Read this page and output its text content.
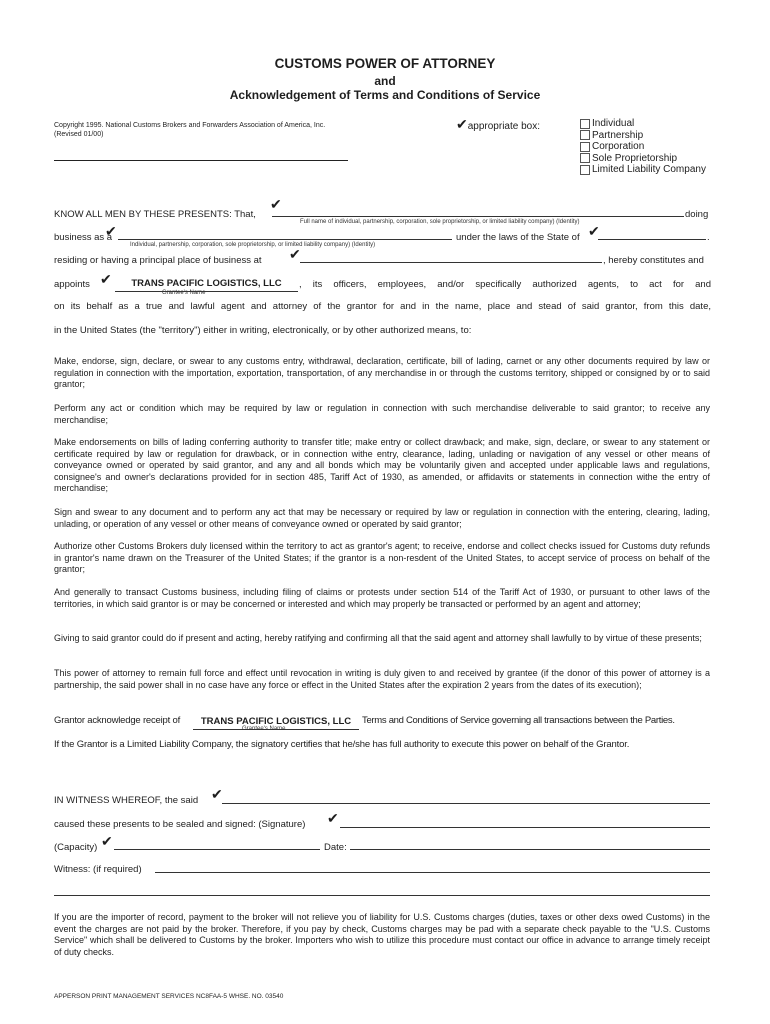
CUSTOMS POWER OF ATTORNEY
and
Acknowledgement of Terms and Conditions of Service
Copyright 1995. National Customs Brokers and Forwarders Association of America, Inc.
(Revised 01/00)
✔appropriate box:	Individual
Partnership
Corporation
Sole Proprietorship
Limited Liability Company
KNOW ALL MEN BY THESE PRESENTS: That,
✔
doing
Full name of individual, partnership, corporation, sole proprietorship, or limited liability company) (Identity)
business as a
✔
Individual, partnership, corporation, sole proprietorship, or limited liability company) (Identity)
under the laws of the State of ✔	.
residing or having a principal place of business at ✔	, hereby constitutes and
appoints ✔	TRANS PACIFIC LOGISTICS, LLC
Grantee's Name
, its officers, employees, and/or specifically authorized agents, to act for and
on its behalf as a true and lawful agent and attorney of the grantor for and in the name, place and stead of said grantor, from this date,
in the United States (the "territory") either in writing, electronically, or by other authorized means, to:
Make, endorse, sign, declare, or swear to any customs entry, withdrawal, declaration, certificate, bill of lading, carnet or any other documents required by law or regulation in connection with the importation, exportation, transportation, of any merchandise in or through the customs territory, shipped or consigned by or to said grantor;
Perform any act or condition which may be required by law or regulation in connection with such merchandise deliverable to said grantor; to receive any merchandise;
Make endorsements on bills of lading conferring authority to transfer title; make entry or collect drawback; and make, sign, declare, or swear to any statement or certificate required by law or regulation for drawback, or in connection withe entry, clearance, lading, unlading or navigation of any vessel or other means of conveyance owned or operated by said grantor, and any and all bonds which may be voluntarily given and accepted under applicable laws and regulations, consignee's and owner's declarations provided for in section 485, Tariff Act of 1930, as amended, or affidavits or statements in connection withe the entry of merchandise;
Sign and swear to any document and to perform any act that may be necessary or required by law or regulation in connection with the entering, clearing, lading, unlading, or operation of any vessel or other means of conveyance owned or operated by said grantor;
Authorize other Customs Brokers duly licensed within the territory to act as grantor's agent; to receive, endorse and collect checks issued for Customs duty refunds in grantor's name drawn on the Treasurer of the United States; if the grantor is a non-resdent of the United States, to accept service of process on behalf of the grantor;
And generally to transact Customs business, including filing of claims or protests under section 514 of the Tariff Act of 1930, or pursuant to other laws of the territories, in which said grantor is or may be concerned or interested and which may properly be transacted or performed by an agent and attorney;
Giving to said grantor could do if present and acting, hereby ratifying and confirming all that the said agent and attorney shall lawfully to by virtue of these presents;
This power of attorney to remain full force and effect until revocation in writing is duly given to and received by grantee (if the donor of this power of attorney is a partnership, the said power shall in no case have any force or effect in the United States after the expiration 2 years from the dates of its execution);
Grantor acknowledge receipt of	TRANS PACIFIC LOGISTICS, LLC
Grantee's Name
Terms and Conditions of Service governing all transactions between the Parties.
If the Grantor is a Limited Liability Company, the signatory certifies that he/she has full authority to execute this power on behalf of the Grantor.
IN WITNESS WHEREOF, the said ✔
caused these presents to be sealed and signed: (Signature) ✔
(Capacity) ✔	Date:
Witness: (if required)
If you are the importer of record, payment to the broker will not relieve you of liability for U.S. Customs charges (duties, taxes or other dexs owed Customs) in the event the charges are not paid by the broker. Therefore, if you pay by check, Customs charges may be pad with a separate check payable to the "U.S. Customs Service" which shall be delivered to Customs by the broker. Importers who wish to utilize this procedure must contact our office in advance to arrange timely receipt of duty checks.
APPERSON PRINT MANAGEMENT SERVICES NC8FAA-5 WHSE. NO. 03540
